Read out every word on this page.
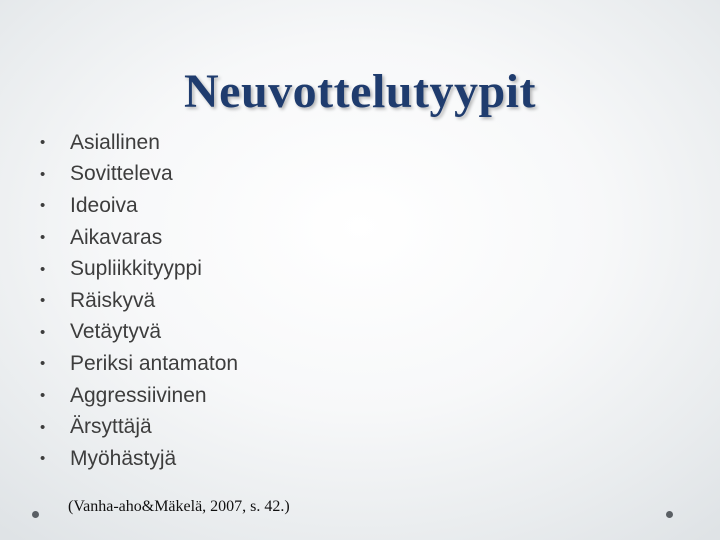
Neuvottelutyypit
•	Asiallinen
•	Sovitteleva
•	Ideoiva
•	Aikavaras
•	Supliikkityyppi
•	Räiskyvä
•	Vetäytyvä
•	Periksi antamaton
•	Aggressiivinen
•	Ärsyttäjä
•	Myöhästyjä

(Vanha-aho&Mäkelä, 2007, s. 42.)
